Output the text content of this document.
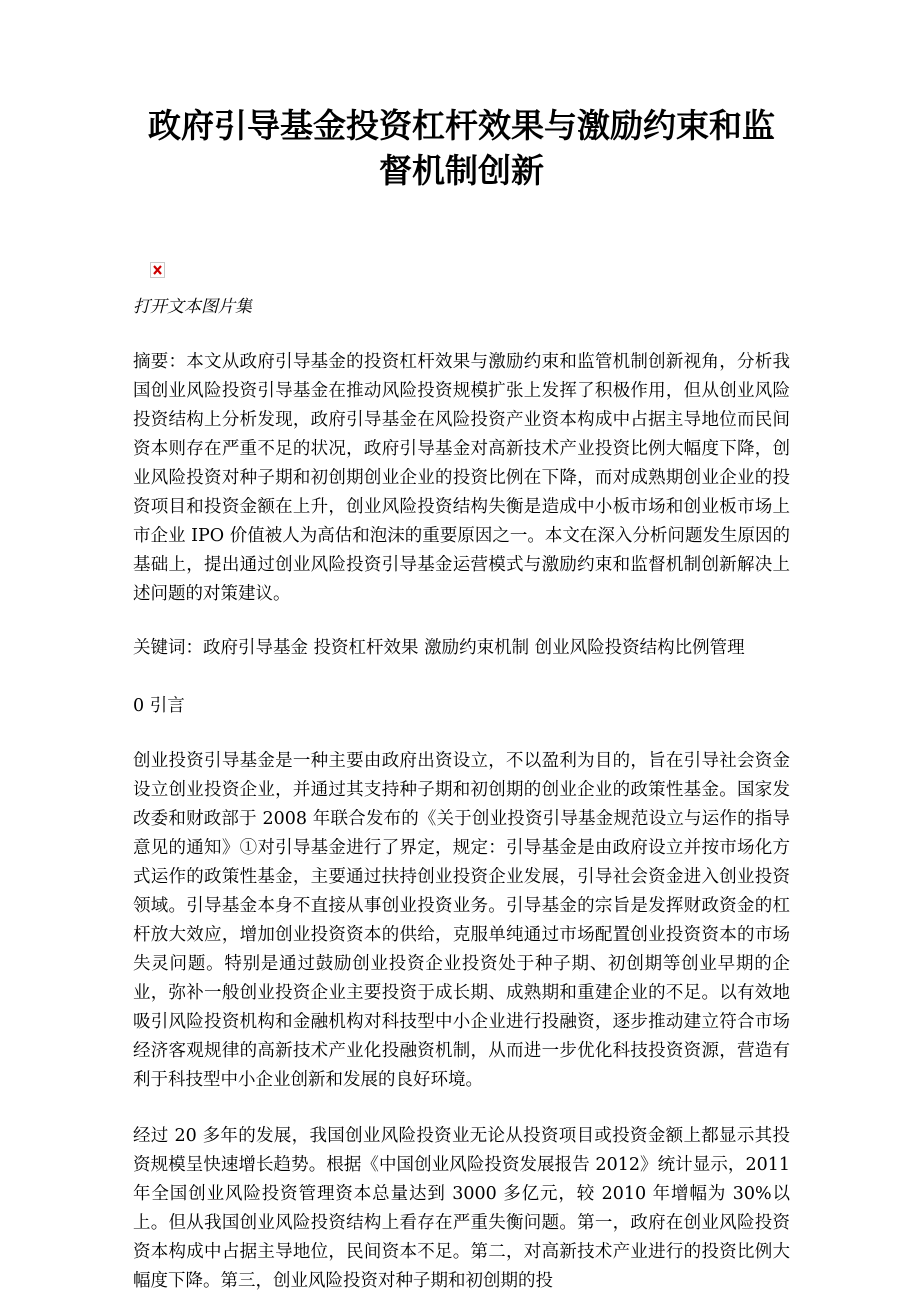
政府引导基金投资杠杆效果与激励约束和监督机制创新

打开文本图片集

摘要：本文从政府引导基金的投资杠杆效果与激励约束和监管机制创新视角，分析我国创业风险投资引导基金在推动风险投资规模扩张上发挥了积极作用，但从创业风险投资结构上分析发现，政府引导基金在风险投资产业资本构成中占据主导地位而民间资本则存在严重不足的状况，政府引导基金对高新技术产业投资比例大幅度下降，创业风险投资对种子期和初创期创业企业的投资比例在下降，而对成熟期创业企业的投资项目和投资金额在上升，创业风险投资结构失衡是造成中小板市场和创业板市场上市企业 IPO 价值被人为高估和泡沫的重要原因之一。本文在深入分析问题发生原因的基础上，提出通过创业风险投资引导基金运营模式与激励约束和监督机制创新解决上述问题的对策建议。

关键词：政府引导基金 投资杠杆效果 激励约束机制 创业风险投资结构比例管理

0 引言

创业投资引导基金是一种主要由政府出资设立，不以盈利为目的，旨在引导社会资金设立创业投资企业，并通过其支持种子期和初创期的创业企业的政策性基金。国家发改委和财政部于 2008 年联合发布的《关于创业投资引导基金规范设立与运作的指导意见的通知》①对引导基金进行了界定，规定：引导基金是由政府设立并按市场化方式运作的政策性基金，主要通过扶持创业投资企业发展，引导社会资金进入创业投资领域。引导基金本身不直接从事创业投资业务。引导基金的宗旨是发挥财政资金的杠杆放大效应，增加创业投资资本的供给，克服单纯通过市场配置创业投资资本的市场失灵问题。特别是通过鼓励创业投资企业投资处于种子期、初创期等创业早期的企业，弥补一般创业投资企业主要投资于成长期、成熟期和重建企业的不足。以有效地吸引风险投资机构和金融机构对科技型中小企业进行投融资，逐步推动建立符合市场经济客观规律的高新技术产业化投融资机制，从而进一步优化科技投资资源，营造有利于科技型中小企业创新和发展的良好环境。

经过 20 多年的发展，我国创业风险投资业无论从投资项目或投资金额上都显示其投资规模呈快速增长趋势。根据《中国创业风险投资发展报告 2012》统计显示，2011 年全国创业风险投资管理资本总量达到 3000 多亿元，较 2010 年增幅为 30%以上。但从我国创业风险投资结构上看存在严重失衡问题。第一，政府在创业风险投资资本构成中占据主导地位，民间资本不足。第二，对高新技术产业进行的投资比例大幅度下降。第三，创业风险投资对种子期和初创期的投
